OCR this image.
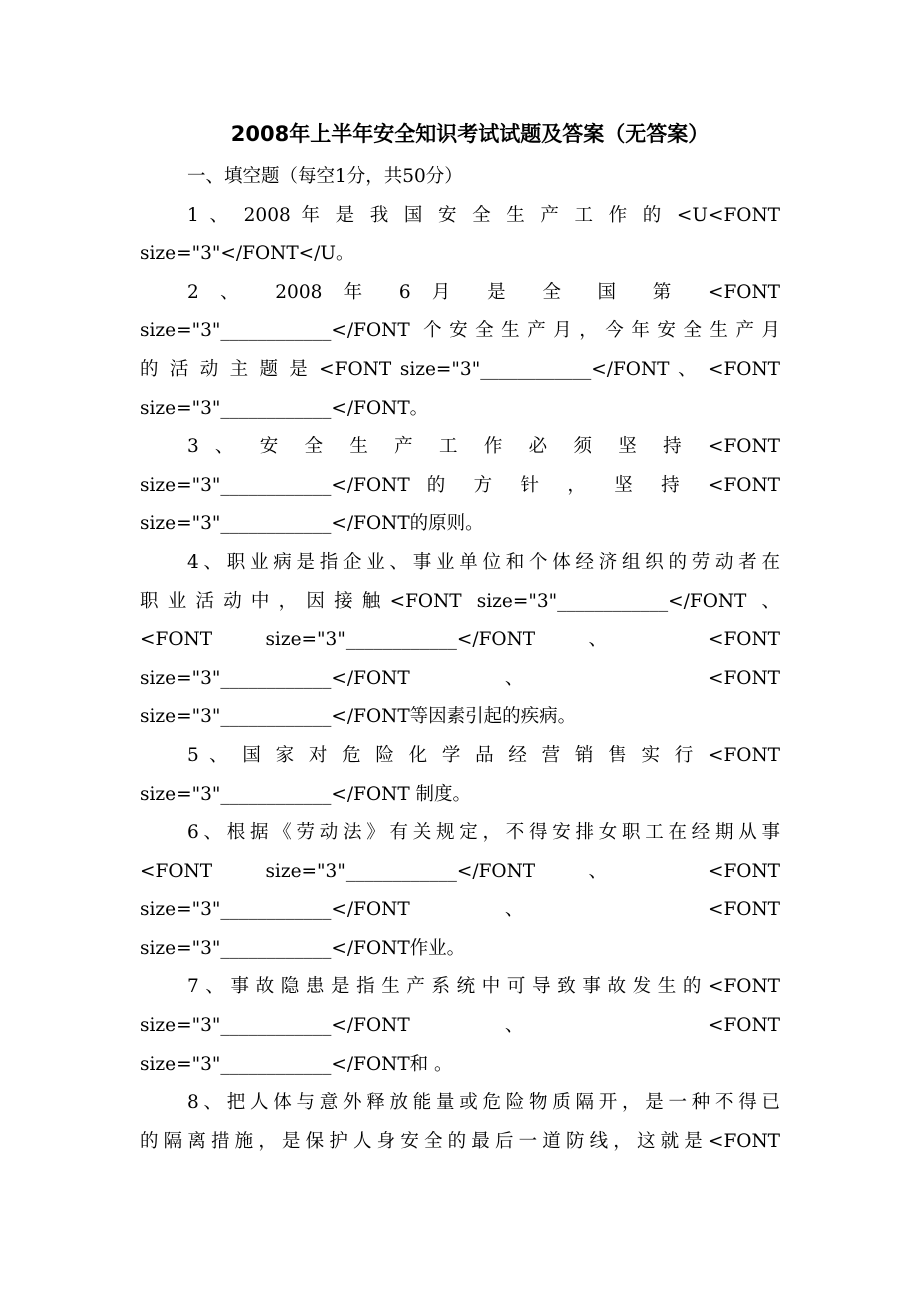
2008年上半年安全知识考试试题及答案（无答案）

一、填空题（每空1分，共50分）

1 、 2008 年 是 我 国 安 全 生 产 工 作 的 <U<FONT
size="3"</FONT</U。

2 、 2008 年 6 月 是 全 国 第 <FONT
size="3"____________</FONT 个安全生产月，今年安全生产月
的 活 动 主 题 是 <FONT size="3"____________</FONT 、 <FONT
size="3"____________</FONT。

3 、 安 全 生 产 工 作 必 须 坚 持 <FONT
size="3"____________</FONT 的 方 针 ， 坚 持 <FONT
size="3"____________</FONT的原则。

4、职业病是指企业、事业单位和个体经济组织的劳动者在
职业活动中，因接触<FONT size="3"____________</FONT 、
<FONT size="3"____________</FONT 、 <FONT
size="3"____________</FONT 、 <FONT
size="3"____________</FONT等因素引起的疾病。

5 、 国 家 对 危 险 化 学 品 经 营 销 售 实 行 <FONT
size="3"____________</FONT 制度。

6、根据《劳动法》有关规定，不得安排女职工在经期从事
<FONT size="3"____________</FONT 、 <FONT
size="3"____________</FONT 、 <FONT
size="3"____________</FONT作业。

7、事故隐患是指生产系统中可导致事故发生的<FONT
size="3"____________</FONT 、 <FONT
size="3"____________</FONT和 。

8、把人体与意外释放能量或危险物质隔开，是一种不得已
的隔离措施，是保护人身安全的最后一道防线，这就是<FONT
